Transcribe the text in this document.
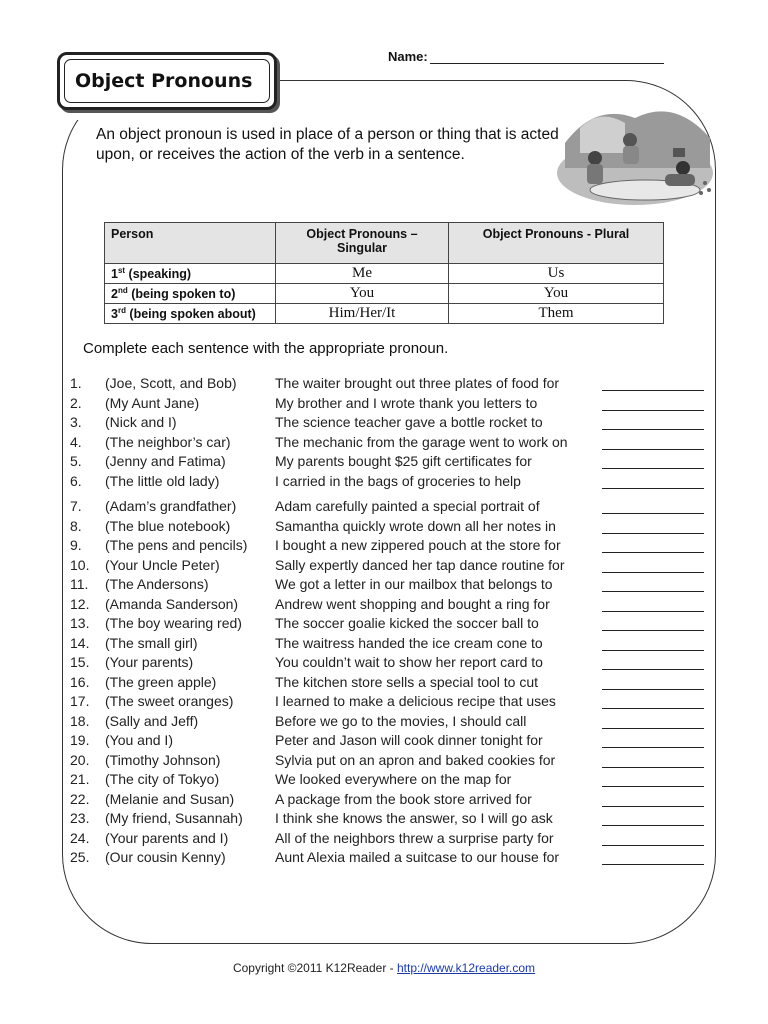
Object Pronouns
Name:
An object pronoun is used in place of a person or thing that is acted upon, or receives the action of the verb in a sentence.
Person	Object Pronouns – Singular	Object Pronouns - Plural
1st (speaking)	Me	Us
2nd (being spoken to)	You	You
3rd (being spoken about)	Him/Her/It	Them
Complete each sentence with the appropriate pronoun.
1.	(Joe, Scott, and Bob)	The waiter brought out three plates of food for
2.	(My Aunt Jane)	My brother and I wrote thank you letters to
3.	(Nick and I)	The science teacher gave a bottle rocket to
4.	(The neighbor’s car)	The mechanic from the garage went to work on
5.	(Jenny and Fatima)	My parents bought $25 gift certificates for
6.	(The little old lady)	I carried in the bags of groceries to help
7.	(Adam’s grandfather)	Adam carefully painted a special portrait of
8.	(The blue notebook)	Samantha quickly wrote down all her notes in
9.	(The pens and pencils) I bought a new zippered pouch at the store for
10.	(Your Uncle Peter)	Sally expertly danced her tap dance routine for
11.	(The Andersons)	We got a letter in our mailbox that belongs to
12.	(Amanda Sanderson)	Andrew went shopping and bought a ring for
13.	(The boy wearing red) The soccer goalie kicked the soccer ball to
14.	(The small girl)	The waitress handed the ice cream cone to
15.	(Your parents)	You couldn’t wait to show her report card to
16.	(The green apple)	The kitchen store sells a special tool to cut
17.	(The sweet oranges)	I learned to make a delicious recipe that uses
18.	(Sally and Jeff)	Before we go to the movies, I should call
19.	(You and I)	Peter and Jason will cook dinner tonight for
20.	(Timothy Johnson)	Sylvia put on an apron and baked cookies for
21.	(The city of Tokyo)	We looked everywhere on the map for
22.	(Melanie and Susan)	A package from the book store arrived for
23.	(My friend, Susannah) I think she knows the answer, so I will go ask
24.	(Your parents and I)	All of the neighbors threw a surprise party for
25.	(Our cousin Kenny)	Aunt Alexia mailed a suitcase to our house for
Copyright ©2011 K12Reader - http://www.k12reader.com
